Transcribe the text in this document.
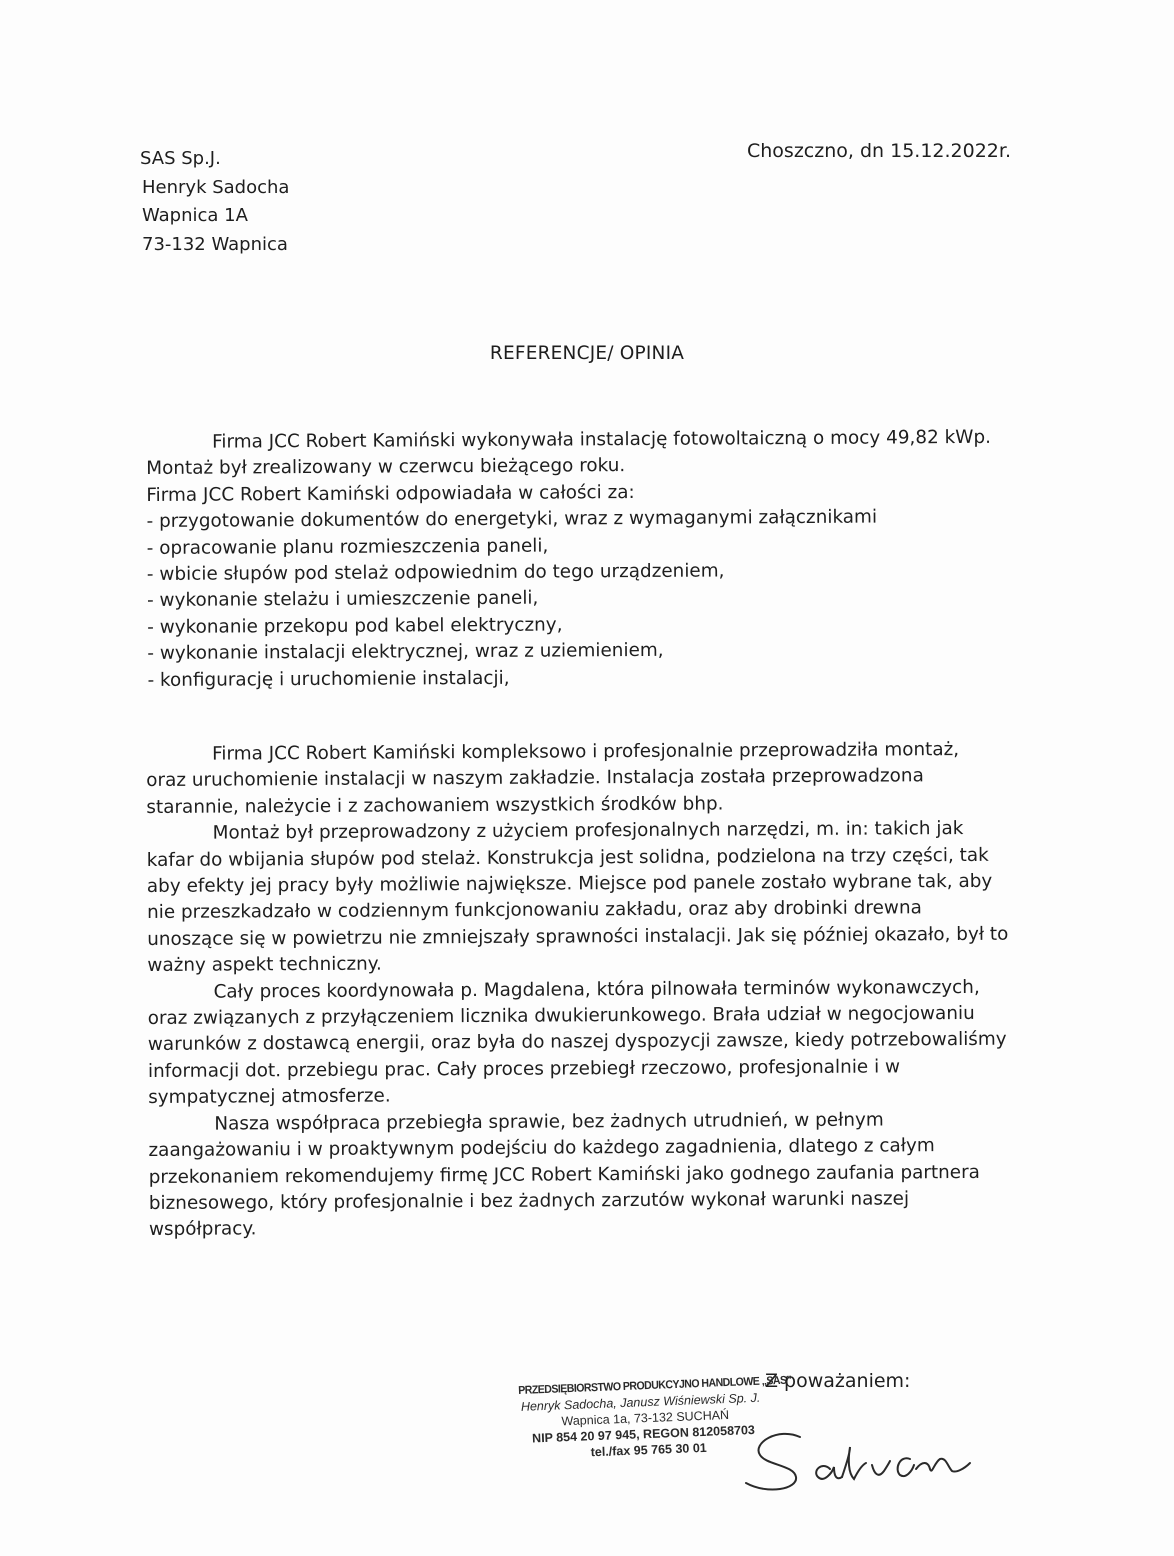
SAS Sp.J.
Henryk Sadocha
Wapnica 1A
73-132 Wapnica
Choszczno, dn 15.12.2022r.
REFERENCJE/ OPINIA

Firma JCC Robert Kamiński wykonywała instalację fotowoltaiczną o mocy 49,82 kWp.

Montaż był zrealizowany w czerwcu bieżącego roku.

Firma JCC Robert Kamiński odpowiadała w całości za:

- przygotowanie dokumentów do energetyki, wraz z wymaganymi załącznikami

- opracowanie planu rozmieszczenia paneli,

- wbicie słupów pod stelaż odpowiednim do tego urządzeniem,

- wykonanie stelażu i umieszczenie paneli,

- wykonanie przekopu pod kabel elektryczny,

- wykonanie instalacji elektrycznej, wraz z uziemieniem,

- konfigurację i uruchomienie instalacji,

Firma JCC Robert Kamiński kompleksowo i profesjonalnie przeprowadziła montaż,

oraz uruchomienie instalacji w naszym zakładzie. Instalacja została przeprowadzona

starannie, należycie i z zachowaniem wszystkich środków bhp.

Montaż był przeprowadzony z użyciem profesjonalnych narzędzi, m. in: takich jak

kafar do wbijania słupów pod stelaż. Konstrukcja jest solidna, podzielona na trzy części, tak

aby efekty jej pracy były możliwie największe. Miejsce pod panele zostało wybrane tak, aby

nie przeszkadzało w codziennym funkcjonowaniu zakładu, oraz aby drobinki drewna

unoszące się w powietrzu nie zmniejszały sprawności instalacji. Jak się później okazało, był to

ważny aspekt techniczny.

Cały proces koordynowała p. Magdalena, która pilnowała terminów wykonawczych,

oraz związanych z przyłączeniem licznika dwukierunkowego. Brała udział w negocjowaniu

warunków z dostawcą energii, oraz była do naszej dyspozycji zawsze, kiedy potrzebowaliśmy

informacji dot. przebiegu prac. Cały proces przebiegł rzeczowo, profesjonalnie i w

sympatycznej atmosferze.

Nasza współpraca przebiegła sprawie, bez żadnych utrudnień, w pełnym

zaangażowaniu i w proaktywnym podejściu do każdego zagadnienia, dlatego z całym

przekonaniem rekomendujemy firmę JCC Robert Kamiński jako godnego zaufania partnera

biznesowego, który profesjonalnie i bez żadnych zarzutów wykonał warunki naszej

współpracy.

Z poważaniem:
PRZEDSIĘBIORSTWO PRODUKCYJNO HANDLOWE „SAS”
Henryk Sadocha, Janusz Wiśniewski Sp. J.
Wapnica 1a, 73-132 SUCHAŃ
NIP 854 20 97 945, REGON 812058703
tel./fax 95 765 30 01
